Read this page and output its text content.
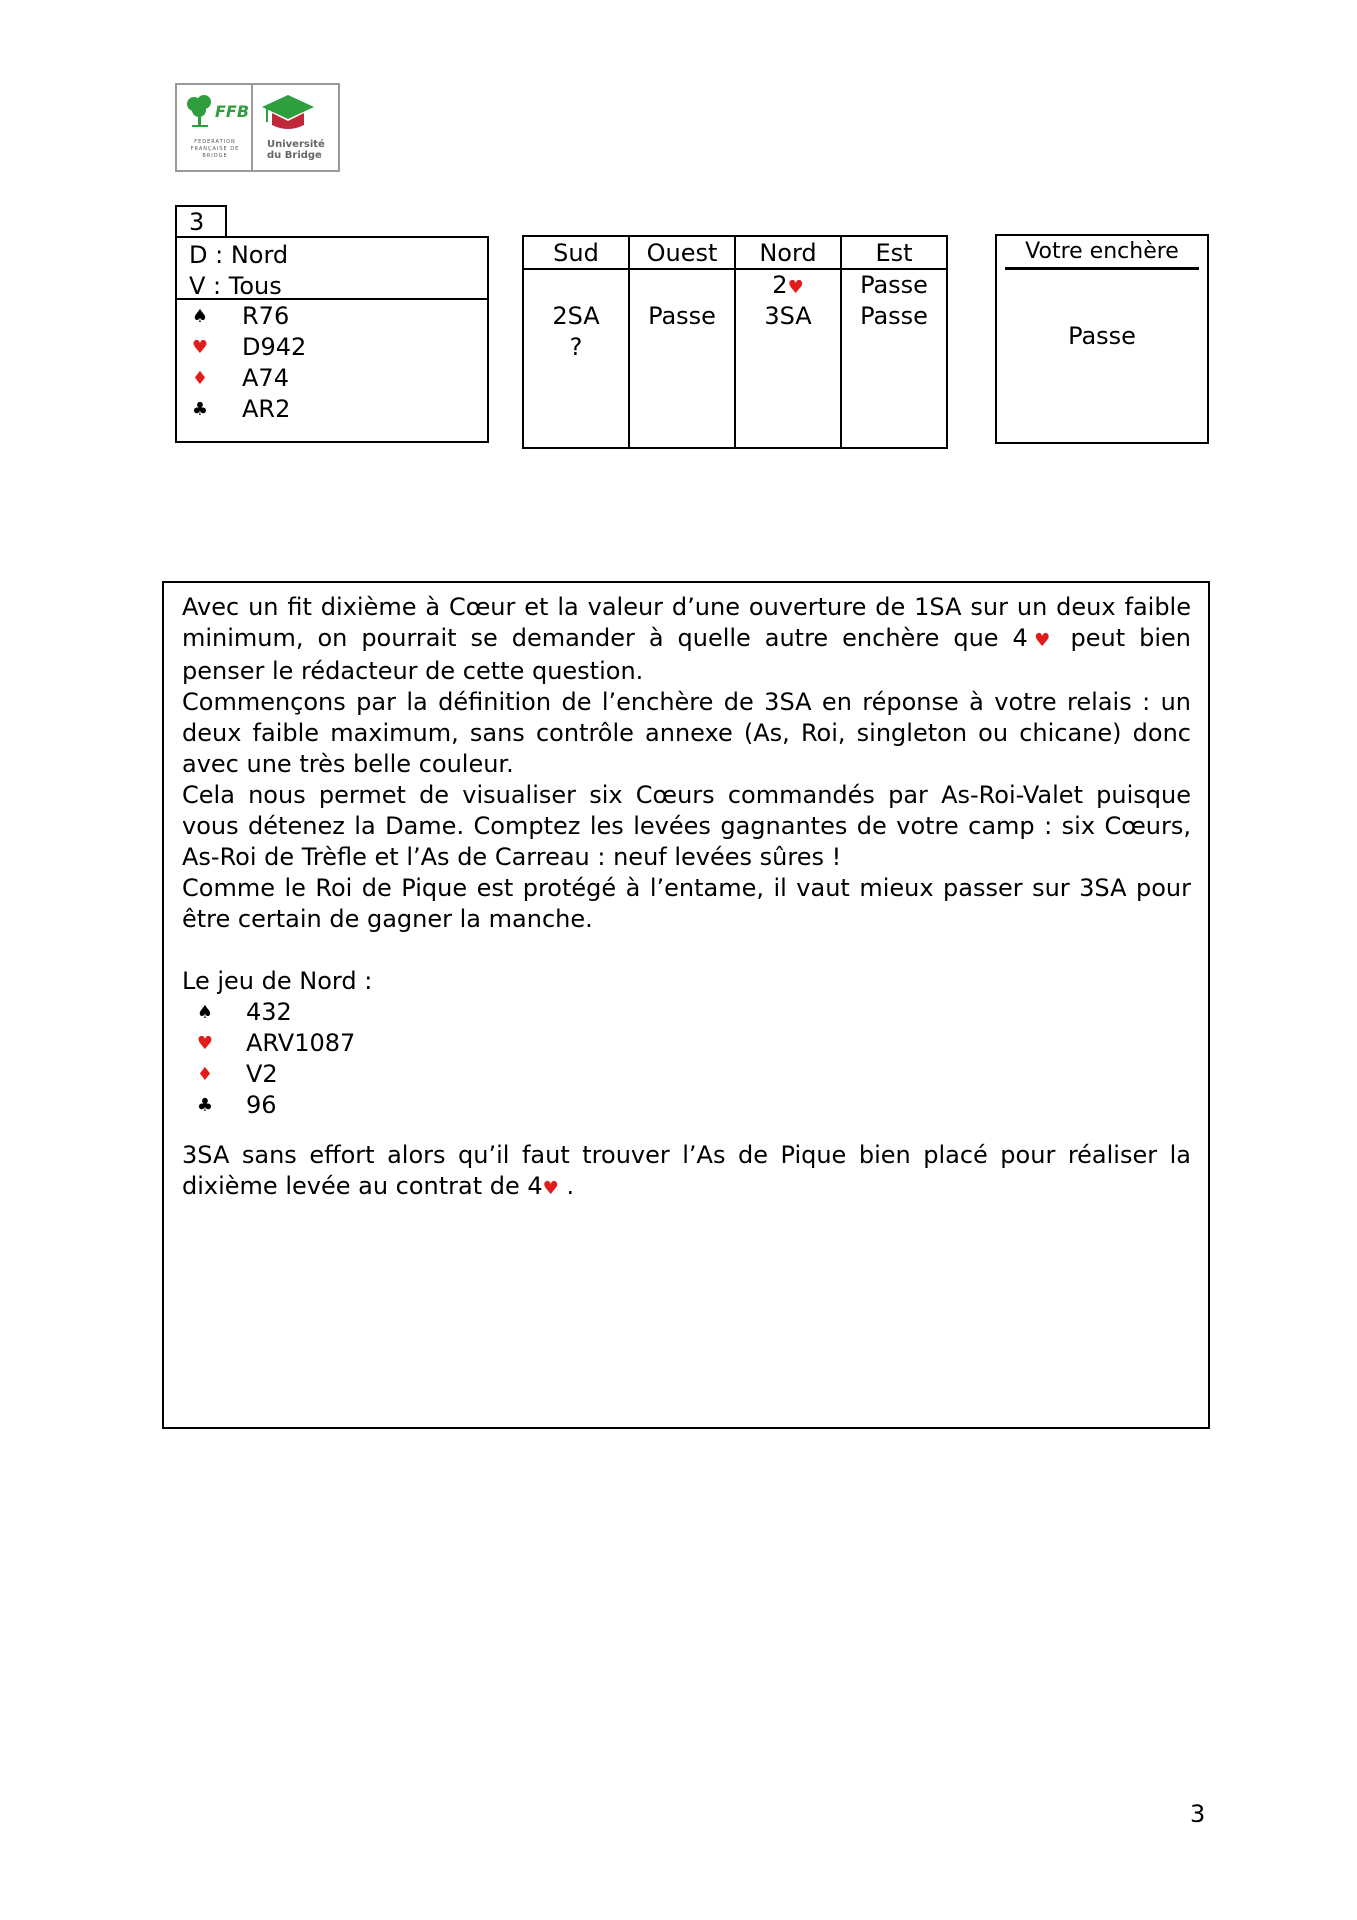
FFB
FEDERATION FRANÇAISE DE BRIDGE
Université du Bridge
3
D : Nord
V : Tous
♠ R76
♥ D942
♦ A74
♣ AR2
Sud
2SA
?
Ouest
Passe
Nord
2♥
3SA
Est
Passe
Passe
Votre enchère
Passe
Avec un fit dixième à Cœur et la valeur d’une ouverture de 1SA sur un deux faible minimum, on pourrait se demander à quelle autre enchère que 4♥ peut bien penser le rédacteur de cette question.
Commençons par la définition de l’enchère de 3SA en réponse à votre relais : un deux faible maximum, sans contrôle annexe (As, Roi, singleton ou chicane) donc avec une très belle couleur.
Cela nous permet de visualiser six Cœurs commandés par As-Roi-Valet puisque vous détenez la Dame. Comptez les levées gagnantes de votre camp : six Cœurs, As-Roi de Trèfle et l’As de Carreau : neuf levées sûres !
Comme le Roi de Pique est protégé à l’entame, il vaut mieux passer sur 3SA pour être certain de gagner la manche.
Le jeu de Nord :
♠ 432
♥ ARV1087
♦ V2
♣ 96
3SA sans effort alors qu’il faut trouver l’As de Pique bien placé pour réaliser la dixième levée au contrat de 4♥ .
3
